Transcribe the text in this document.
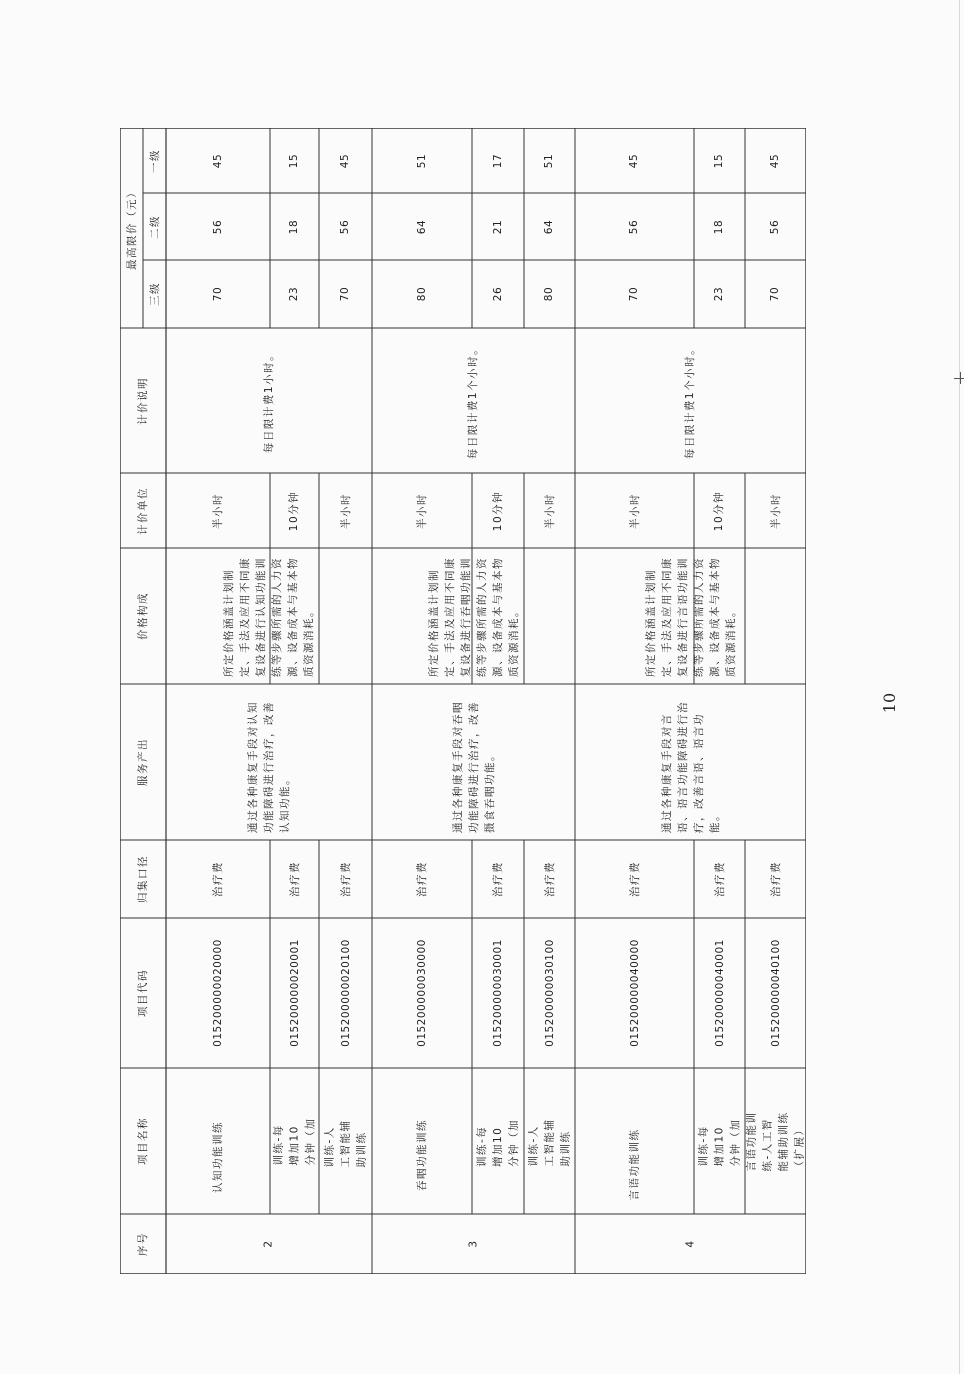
10
序号
项目名称
项目代码
归集口径
服务产出
价格构成
计价单位
计价说明
最高限价（元）
三级
二级
一级
2	3	4
认知功能训练
015200000020000
治疗费
半小时
70
56
45
训练-每增加10分钟（加
015200000020001
治疗费
10分钟
23
18
15
训练-人工智能辅助训练
015200000020100
治疗费
半小时
70
56
45
吞咽功能训练
015200000030000
治疗费
半小时
80
64
51
训练-每增加10分钟（加
015200000030001
治疗费
10分钟
26
21
17
训练-人工智能辅助训练
015200000030100
治疗费
半小时
80
64
51
言语功能训练
015200000040000
治疗费
半小时
70
56
45
训练-每增加10分钟（加
015200000040001
治疗费
10分钟
23
18
15
言语功能训练-人工智能辅助训练（扩展）
015200000040100
治疗费
半小时
70
56
45
通过各种康复手段对认知功能障碍进行治疗，改善认知功能。
所定价格涵盖计划制定、手法及应用不同康复设备进行认知功能训练等步骤所需的人力资源、设备成本与基本物质资源消耗。
每日限计费1小时。
通过各种康复手段对吞咽功能障碍进行治疗，改善摄食吞咽功能。
所定价格涵盖计划制定、手法及应用不同康复设备进行吞咽功能训练等步骤所需的人力资源、设备成本与基本物质资源消耗。
每日限计费1个小时。
通过各种康复手段对言语、语言功能障碍进行治疗，改善言语、语言功能。
所定价格涵盖计划制定、手法及应用不同康复设备进行言语功能训练等步骤所需的人力资源、设备成本与基本物质资源消耗。
每日限计费1个小时。
